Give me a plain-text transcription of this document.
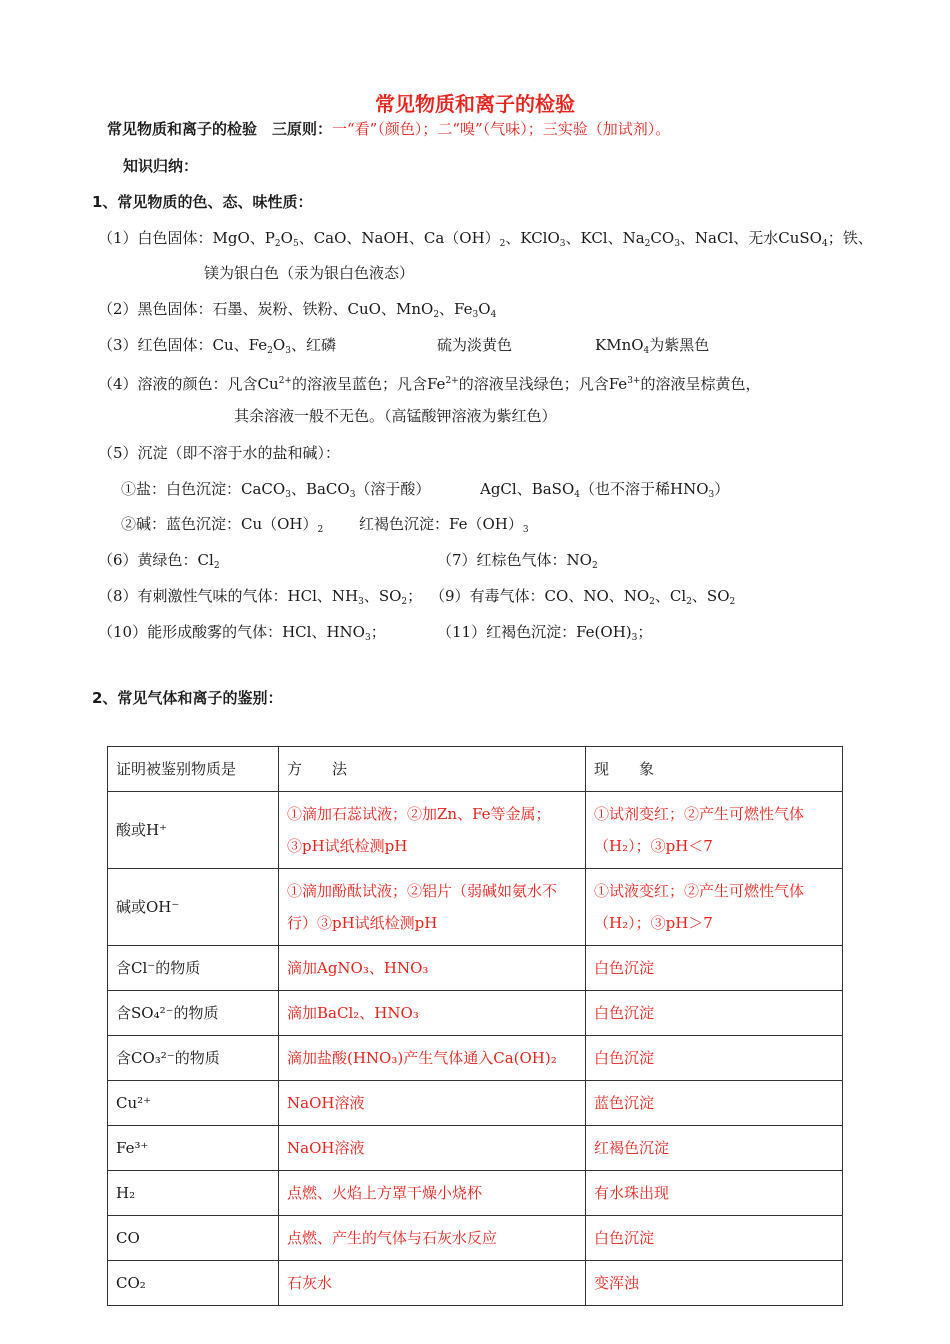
常见物质和离子的检验
常见物质和离子的检验　三原则：一“看”（颜色）；二“嗅”（气味）；三实验（加试剂）。
知识归纳：
1、常见物质的色、态、味性质：
（1）白色固体：MgO、$P_2O_5$、CaO、NaOH、$Ca(OH)_2$、KClO$_3$、KCl、$Na_2CO_3$、NaCl、无水CuSO$_4$；铁、
镁为银白色（汞为银白色液态）
（2）黑色固体：石墨、炭粉、铁粉、CuO、MnO$_2$、$Fe_3O_4$
（3）红色固体：Cu、$Fe_2O_3$、红磷	硫为淡黄色	KMnO$_4$为紫黑色
（4）溶液的颜色：凡含$Cu^{2+}$的溶液呈蓝色；凡含$Fe^{2+}$的溶液呈浅绿色；凡含$Fe^{3+}$的溶液呈棕黄色，
其余溶液一般不无色。（高锰酸钾溶液为紫红色）
（5）沉淀（即不溶于水的盐和碱）：
①盐：白色沉淀：CaCO$_3$、BaCO$_3$（溶于酸）	AgCl、BaSO$_4$（也不溶于稀$HNO_3$）
②碱：蓝色沉淀：$Cu(OH)_2$ 红褐色沉淀：$Fe(OH)_3$
（6）黄绿色：$Cl_2$	（7）红棕色气体：$NO_2$
（8）有刺激性气味的气体：HCl、$NH_3$、$SO_2$； （9）有毒气体：CO、NO、$NO_2$、$Cl_2$、$SO_2$
（10）能形成酸雾的气体：HCl、$HNO_3$；	（11）红褐色沉淀：$Fe(OH)_3$；
2、常见气体和离子的鉴别：
证明被鉴别物质是	方　　法	现　　象
酸或H⁺	①滴加石蕊试液；②加Zn、Fe等金属；③pH试纸检测pH	①试剂变红；②产生可燃性气体（H₂）；③pH＜7
碱或OH⁻	①滴加酚酞试液；②铝片（弱碱如氨水不行）③pH试纸检测pH	①试液变红；②产生可燃性气体（H₂）；③pH＞7
含Cl⁻的物质	滴加AgNO₃、HNO₃	白色沉淀
含SO₄²⁻的物质	滴加BaCl₂、HNO₃	白色沉淀
含CO₃²⁻的物质	滴加盐酸(HNO₃)产生气体通入Ca(OH)₂	白色沉淀
Cu²⁺	NaOH溶液	蓝色沉淀
Fe³⁺	NaOH溶液	红褐色沉淀
H₂	点燃、火焰上方罩干燥小烧杯	有水珠出现
CO	点燃、产生的气体与石灰水反应	白色沉淀
CO₂	石灰水	变浑浊
